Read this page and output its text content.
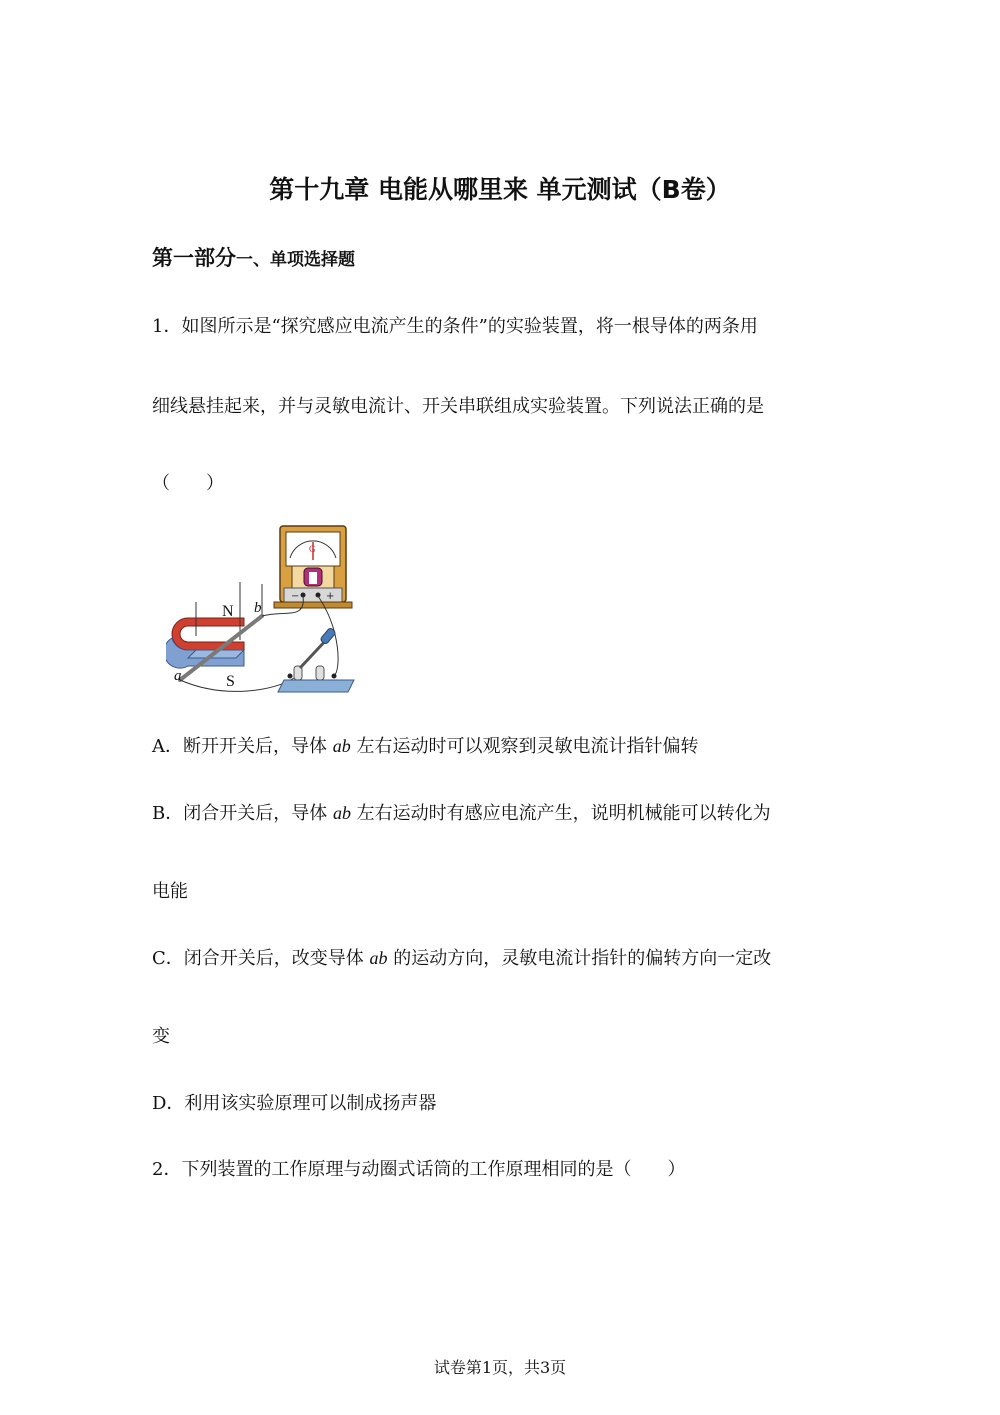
第十九章 电能从哪里来 单元测试（B卷）
第一部分一、单项选择题
1．如图所示是“探究感应电流产生的条件”的实验装置，将一根导体的两条用
细线悬挂起来，并与灵敏电流计、开关串联组成实验装置。下列说法正确的是
（　　）
G
−	+
N
S
a
b
A．断开开关后，导体 ab 左右运动时可以观察到灵敏电流计指针偏转
B．闭合开关后，导体 ab 左右运动时有感应电流产生，说明机械能可以转化为
电能
C．闭合开关后，改变导体 ab 的运动方向，灵敏电流计指针的偏转方向一定改
变
D．利用该实验原理可以制成扬声器
2．下列装置的工作原理与动圈式话筒的工作原理相同的是（　　）
试卷第1页，共3页
